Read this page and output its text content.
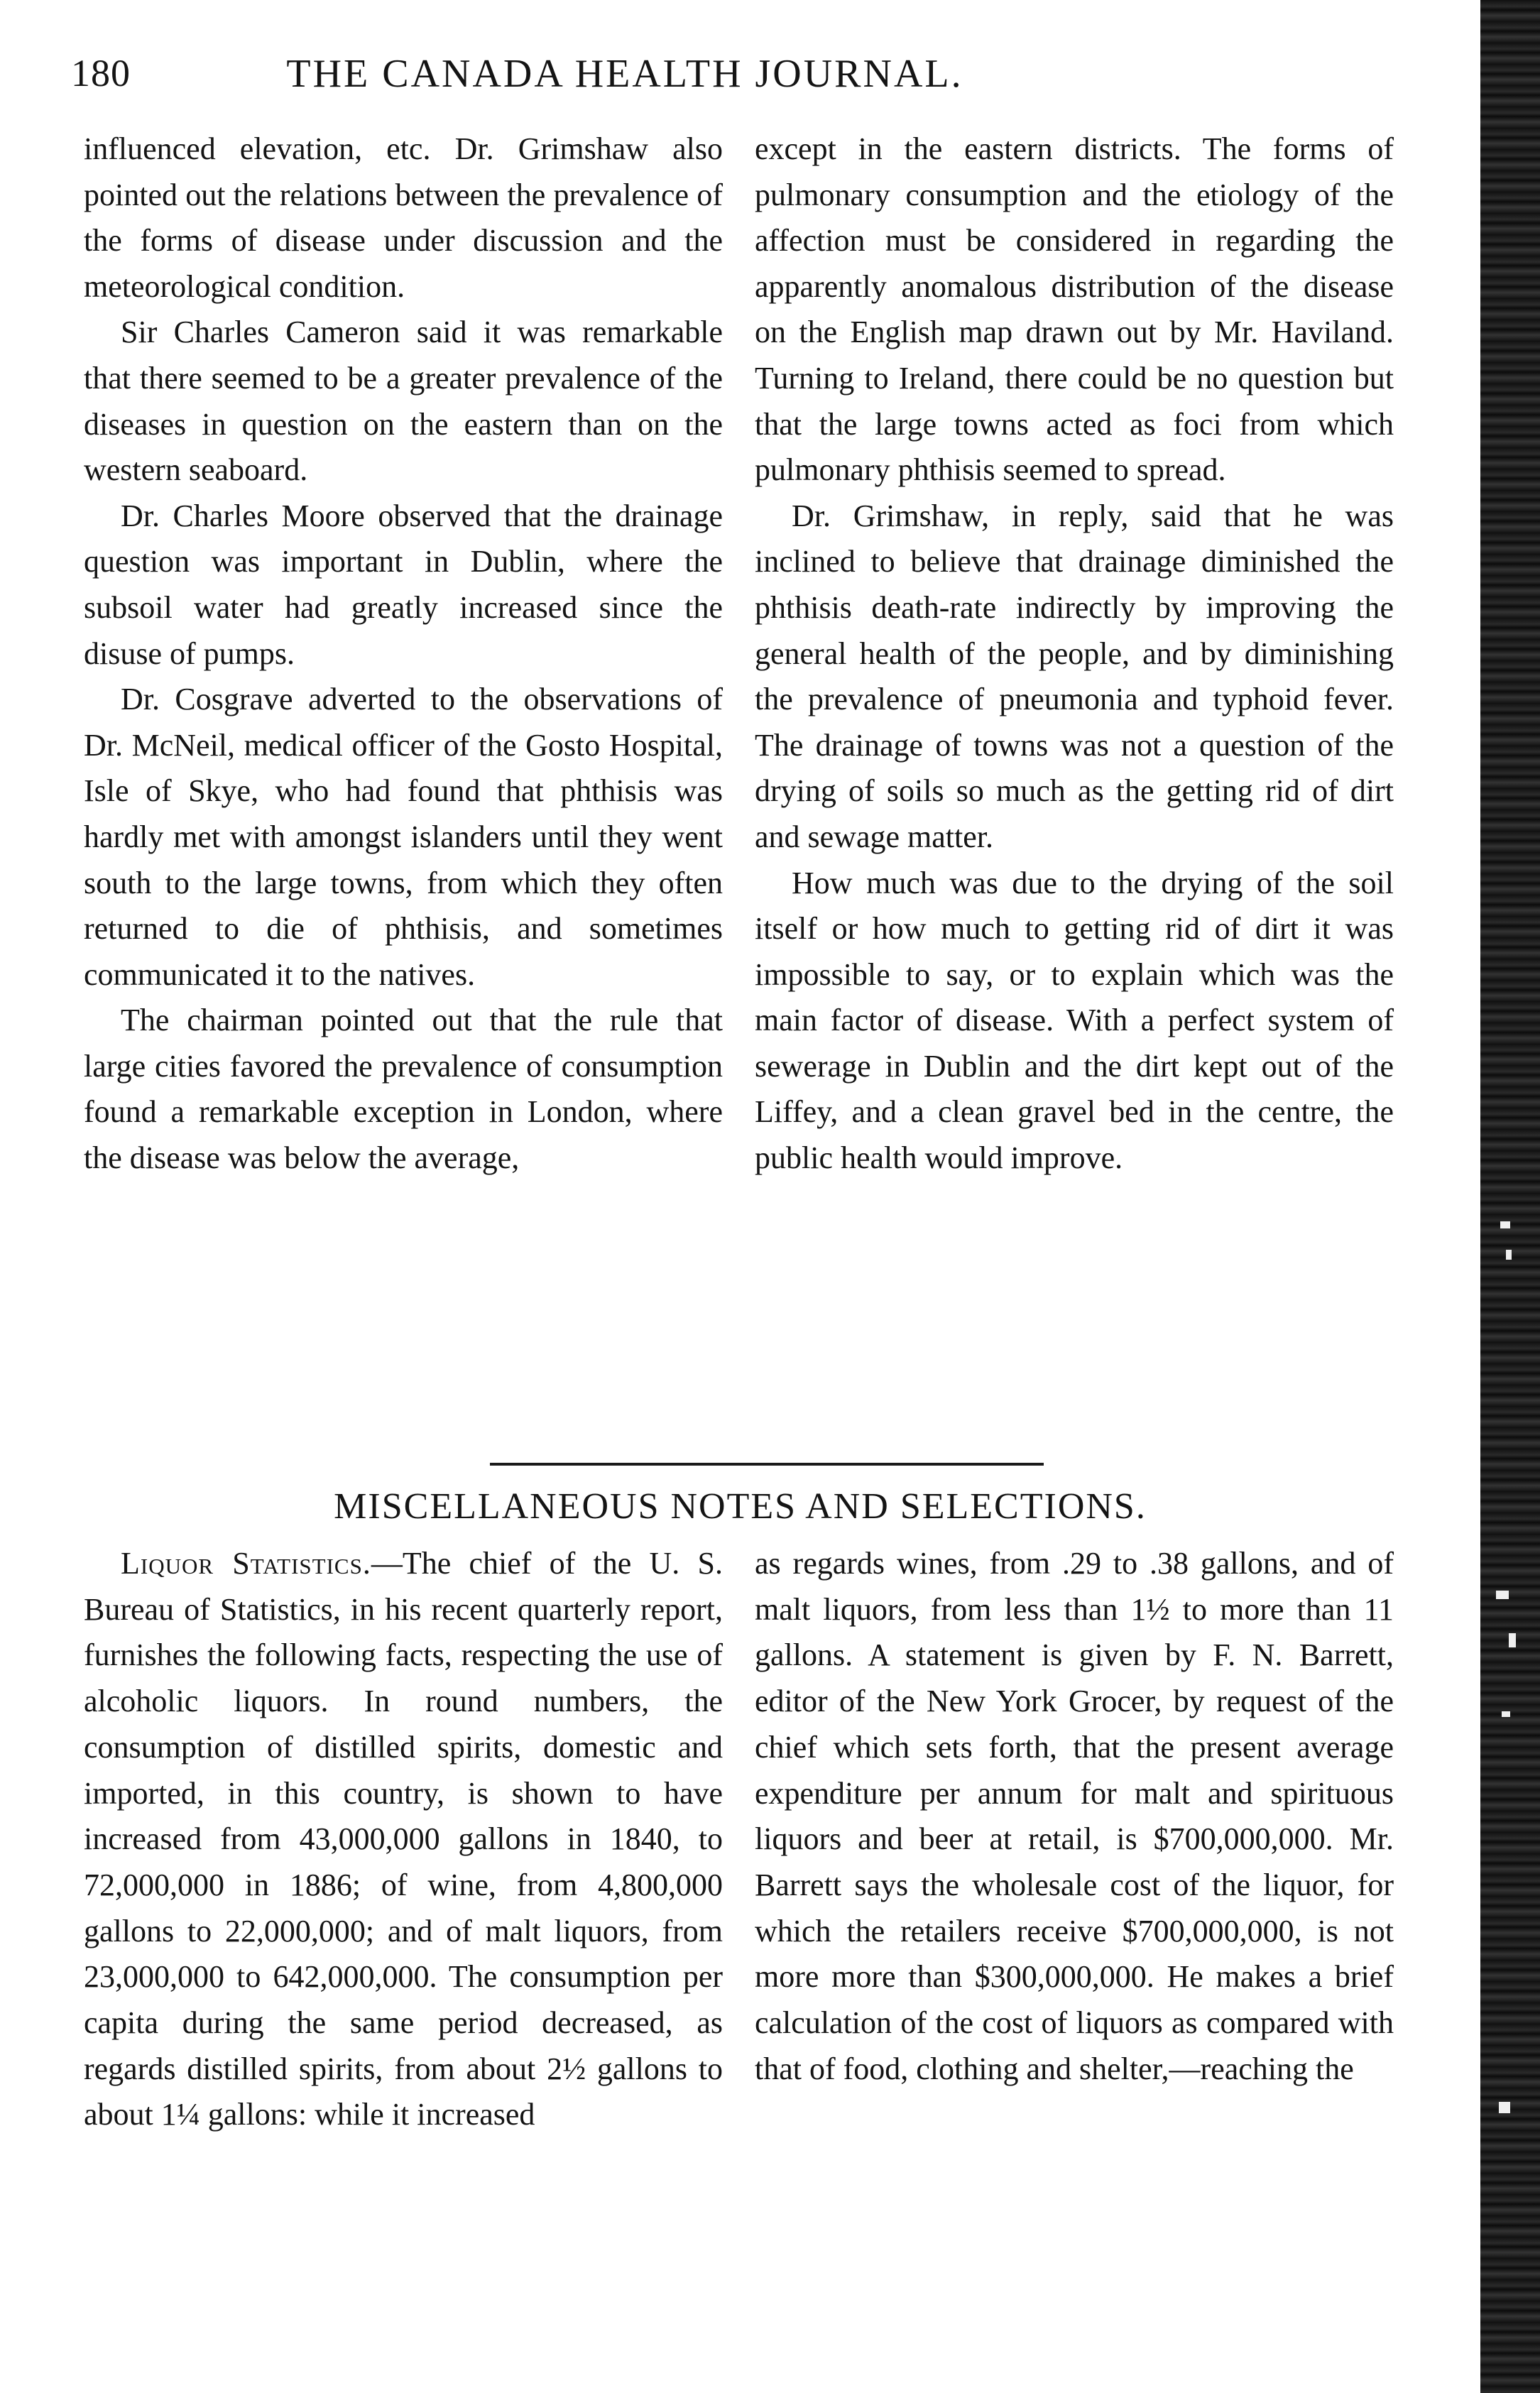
180	THE CANADA HEALTH JOURNAL.

influenced elevation, etc. Dr. Grimshaw also pointed out the relations between the prevalence of the forms of disease under discussion and the meteorological condition.

Sir Charles Cameron said it was remarkable that there seemed to be a greater prevalence of the diseases in question on the eastern than on the western seaboard.

Dr. Charles Moore observed that the drainage question was important in Dublin, where the subsoil water had greatly increased since the disuse of pumps.

Dr. Cosgrave adverted to the observations of Dr. McNeil, medical officer of the Gosto Hospital, Isle of Skye, who had found that phthisis was hardly met with amongst islanders until they went south to the large towns, from which they often returned to die of phthisis, and sometimes communicated it to the natives.

The chairman pointed out that the rule that large cities favored the prevalence of consumption found a remarkable exception in London, where the disease was below the average,

except in the eastern districts. The forms of pulmonary consumption and the etiology of the affection must be considered in regarding the apparently anomalous distribution of the disease on the English map drawn out by Mr. Haviland. Turning to Ireland, there could be no question but that the large towns acted as foci from which pulmonary phthisis seemed to spread.

Dr. Grimshaw, in reply, said that he was inclined to believe that drainage diminished the phthisis death-rate indirectly by improving the general health of the people, and by diminishing the prevalence of pneumonia and typhoid fever. The drainage of towns was not a question of the drying of soils so much as the getting rid of dirt and sewage matter.

How much was due to the drying of the soil itself or how much to getting rid of dirt it was impossible to say, or to explain which was the main factor of disease. With a perfect system of sewerage in Dublin and the dirt kept out of the Liffey, and a clean gravel bed in the centre, the public health would improve.

MISCELLANEOUS NOTES AND SELECTIONS.

Liquor Statistics.—The chief of the U. S. Bureau of Statistics, in his recent quarterly report, furnishes the following facts, respecting the use of alcoholic liquors. In round numbers, the consumption of distilled spirits, domestic and imported, in this country, is shown to have increased from 43,000,000 gallons in 1840, to 72,000,000 in 1886; of wine, from 4,800,000 gallons to 22,000,000; and of malt liquors, from 23,000,000 to 642,000,000. The consumption per capita during the same period decreased, as regards distilled spirits, from about 2½ gallons to about 1¼ gallons: while it increased

as regards wines, from .29 to .38 gallons, and of malt liquors, from less than 1½ to more than 11 gallons. A statement is given by F. N. Barrett, editor of the New York Grocer, by request of the chief which sets forth, that the present average expenditure per annum for malt and spirituous liquors and beer at retail, is $700,000,000. Mr. Barrett says the wholesale cost of the liquor, for which the retailers receive $700,000,000, is not more more than $300,000,000. He makes a brief calculation of the cost of liquors as compared with that of food, clothing and shelter,—reaching the
